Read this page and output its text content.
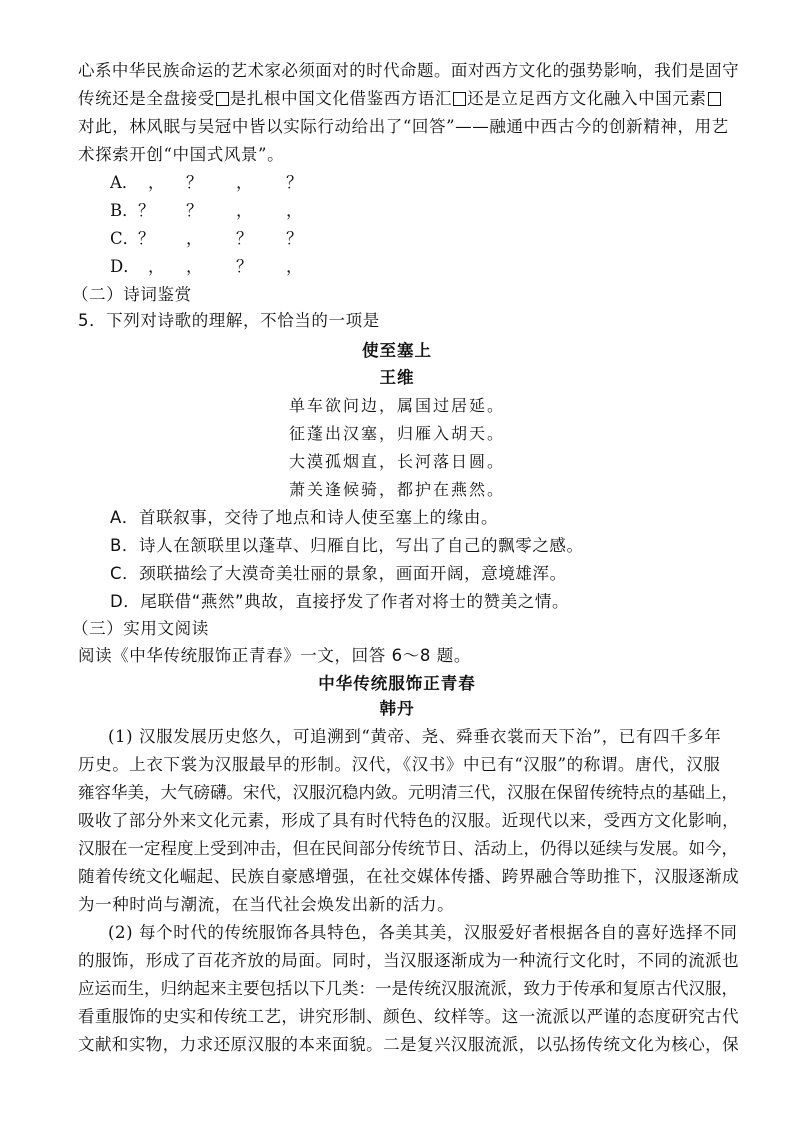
心系中华民族命运的艺术家必须面对的时代命题。面对西方文化的强势影响，我们是固守
传统还是全盘接受 是扎根中国文化借鉴西方语汇 还是立足西方文化融入中国元素
对此，林风眠与吴冠中皆以实际行动给出了“回答”——融通中西古今的创新精神，用艺
术探索开创“中国式风景”。
A． ， ？ ， ？
B． ？ ？ ， ，
C．
？ ， ？ ？
D． ， ， ？ ，
（二）诗词鉴赏
5．下列对诗歌的理解，不恰当的一项是
使至塞上
王维
单车欲问边，属国过居延。
征蓬出汉塞，归雁入胡天。
大漠孤烟直，长河落日圆。
萧关逢候骑，都护在燕然。
A．首联叙事，交待了地点和诗人使至塞上的缘由。
B．诗人在颔联里以蓬草、归雁自比，写出了自己的飘零之感。
C．颈联描绘了大漠奇美壮丽的景象，画面开阔，意境雄浑。
D．尾联借“燕然”典故，直接抒发了作者对将士的赞美之情。
（三）实用文阅读
阅读《中华传统服饰正青春》一文，回答 6～8 题。
中华传统服饰正青春
韩丹
(1) 汉服发展历史悠久，可追溯到“黄帝、尧、舜垂衣裳而天下治”，已有四千多年
历史。上衣下裳为汉服最早的形制。汉代，《汉书》中已有“汉服”的称谓。唐代，汉服
雍容华美，大气磅礴。宋代，汉服沉稳内敛。元明清三代，汉服在保留传统特点的基础上，
吸收了部分外来文化元素，形成了具有时代特色的汉服。近现代以来，受西方文化影响，
汉服在一定程度上受到冲击，但在民间部分传统节日、活动上，仍得以延续与发展。如今，
随着传统文化崛起、民族自豪感增强，在社交媒体传播、跨界融合等助推下，汉服逐渐成
为一种时尚与潮流，在当代社会焕发出新的活力。
(2) 每个时代的传统服饰各具特色，各美其美，汉服爱好者根据各自的喜好选择不同
的服饰，形成了百花齐放的局面。同时，当汉服逐渐成为一种流行文化时，不同的流派也
应运而生，归纳起来主要包括以下几类：一是传统汉服流派，致力于传承和复原古代汉服，
看重服饰的史实和传统工艺，讲究形制、颜色、纹样等。这一流派以严谨的态度研究古代
文献和实物，力求还原汉服的本来面貌。二是复兴汉服流派，以弘扬传统文化为核心，保
